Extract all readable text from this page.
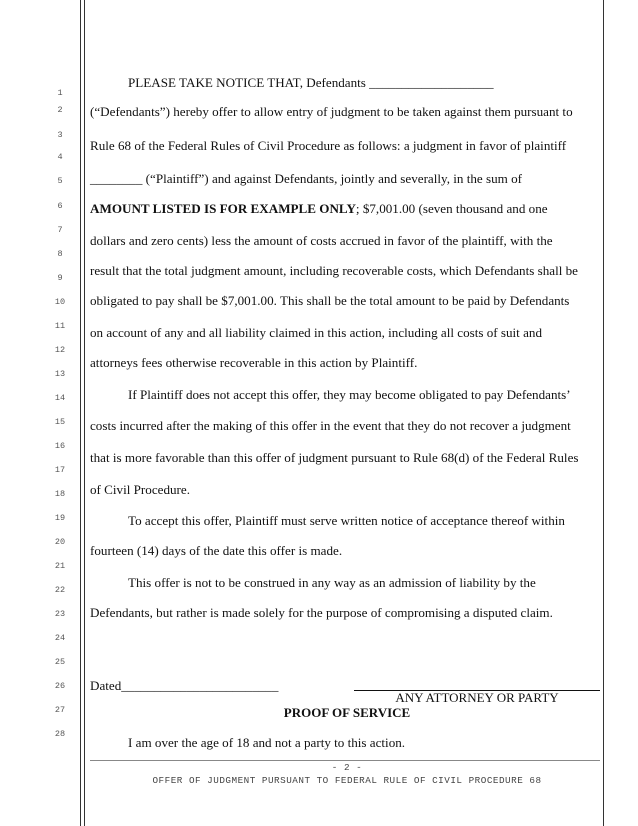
1
2
3
4
5
6
7
8
9
10
11
12
13
14
15
16
17
18
19
20
21
22
23
24
25
26
27
28
PLEASE TAKE NOTICE THAT, Defendants ___________________
(“Defendants”) hereby offer to allow entry of judgment to be taken against them pursuant to
Rule 68 of the Federal Rules of Civil Procedure as follows: a judgment in favor of plaintiff
________ (“Plaintiff”) and against Defendants, jointly and severally, in the sum of
AMOUNT LISTED IS FOR EXAMPLE ONLY; $7,001.00 (seven thousand and one
dollars and zero cents) less the amount of costs accrued in favor of the plaintiff, with the
result that the total judgment amount, including recoverable costs, which Defendants shall be
obligated to pay shall be $7,001.00. This shall be the total amount to be paid by Defendants
on account of any and all liability claimed in this action, including all costs of suit and
attorneys fees otherwise recoverable in this action by Plaintiff.
If Plaintiff does not accept this offer, they may become obligated to pay Defendants’
costs incurred after the making of this offer in the event that they do not recover a judgment
that is more favorable than this offer of judgment pursuant to Rule 68(d) of the Federal Rules
of Civil Procedure.
To accept this offer, Plaintiff must serve written notice of acceptance thereof within
fourteen (14) days of the date this offer is made.
This offer is not to be construed in any way as an admission of liability by the
Defendants, but rather is made solely for the purpose of compromising a disputed claim.
Dated________________________
ANY ATTORNEY OR PARTY
PROOF OF SERVICE
I am over the age of 18 and not a party to this action.
- 2 -
OFFER OF JUDGMENT PURSUANT TO FEDERAL RULE OF CIVIL PROCEDURE 68
